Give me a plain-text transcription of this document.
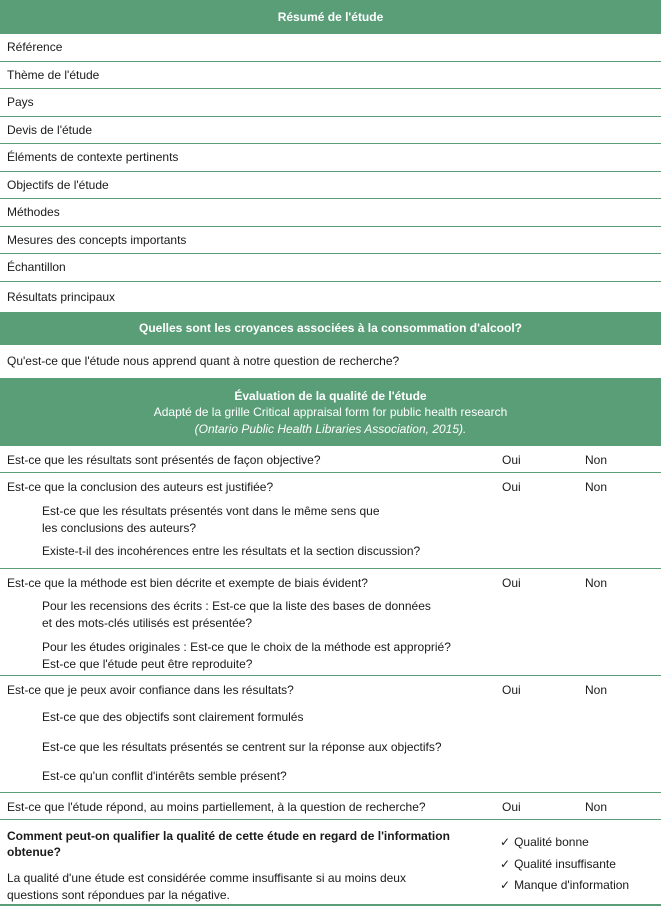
Résumé de l'étude
Référence
Thème de l'étude
Pays
Devis de l'étude
Éléments de contexte pertinents
Objectifs de l'étude
Méthodes
Mesures des concepts importants
Échantillon
Résultats principaux
Quelles sont les croyances associées à la consommation d'alcool?
Qu'est-ce que l'étude nous apprend quant à notre question de recherche?
Évaluation de la qualité de l'étude
Adapté de la grille Critical appraisal form for public health research
(Ontario Public Health Libraries Association, 2015).
Est-ce que les résultats sont présentés de façon objective?	Oui	Non
Est-ce que la conclusion des auteurs est justifiée?	Oui	Non
Est-ce que les résultats présentés vont dans le même sens que
les conclusions des auteurs?
Existe-t-il des incohérences entre les résultats et la section discussion?
Est-ce que la méthode est bien décrite et exempte de biais évident?	Oui	Non
Pour les recensions des écrits : Est-ce que la liste des bases de données
et des mots-clés utilisés est présentée?
Pour les études originales : Est-ce que le choix de la méthode est approprié?
Est-ce que l'étude peut être reproduite?
Est-ce que je peux avoir confiance dans les résultats?	Oui	Non
Est-ce que des objectifs sont clairement formulés
Est-ce que les résultats présentés se centrent sur la réponse aux objectifs?
Est-ce qu'un conflit d'intérêts semble présent?
Est-ce que l'étude répond, au moins partiellement, à la question de recherche?	Oui	Non
Comment peut-on qualifier la qualité de cette étude en regard de l'information
obtenue?
La qualité d'une étude est considérée comme insuffisante si au moins deux
questions sont répondues par la négative.
✓ Qualité bonne
✓ Qualité insuffisante
✓ Manque d'information
